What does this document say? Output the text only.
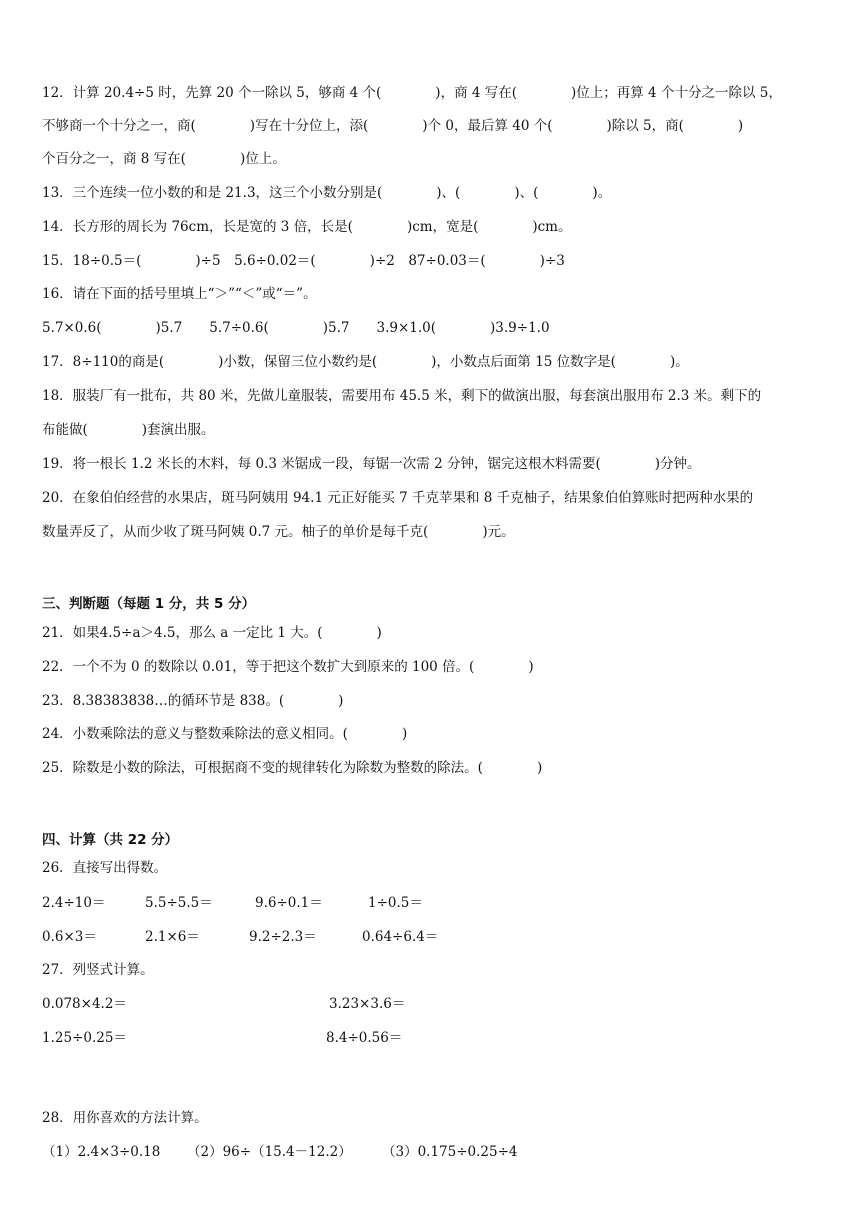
12．计算 20.4÷5 时，先算 20 个一除以 5，够商 4 个(　　　　)，商 4 写在(　　　　)位上；再算 4 个十分之一除以 5，
不够商一个十分之一，商(　　　　)写在十分位上，添(　　　　)个 0，最后算 40 个(　　　　)除以 5，商(　　　　)
个百分之一，商 8 写在(　　　　)位上。
13．三个连续一位小数的和是 21.3，这三个小数分别是(　　　　)、(　　　　)、(　　　　)。
14．长方形的周长为 76cm，长是宽的 3 倍，长是(　　　　)cm，宽是(　　　　)cm。
15．18÷0.5＝(　　　　)÷5　5.6÷0.02＝(　　　　)÷2　87÷0.03＝(　　　　)÷3
16．请在下面的括号里填上“＞”“＜”或“＝”。
5.7×0.6(　　　　)5.7　　5.7÷0.6(　　　　)5.7　　3.9×1.0(　　　　)3.9÷1.0
17．8÷110的商是(　　　　)小数，保留三位小数约是(　　　　)，小数点后面第 15 位数字是(　　　　)。
18．服装厂有一批布，共 80 米，先做儿童服装，需要用布 45.5 米，剩下的做演出服，每套演出服用布 2.3 米。剩下的
布能做(　　　　)套演出服。
19．将一根长 1.2 米长的木料，每 0.3 米锯成一段，每锯一次需 2 分钟，锯完这根木料需要(　　　　)分钟。
20．在象伯伯经营的水果店，斑马阿姨用 94.1 元正好能买 7 千克苹果和 8 千克柚子，结果象伯伯算账时把两种水果的
数量弄反了，从而少收了斑马阿姨 0.7 元。柚子的单价是每千克(　　　　)元。
三、判断题（每题 1 分，共 5 分）
21．如果4.5÷a＞4.5，那么 a 一定比 1 大。(　　　　)
22．一个不为 0 的数除以 0.01，等于把这个数扩大到原来的 100 倍。(　　　　)
23．8.38383838…的循环节是 838。(　　　　)
24．小数乘除法的意义与整数乘除法的意义相同。(　　　　)
25．除数是小数的除法，可根据商不变的规律转化为除数为整数的除法。(　　　　)
四、计算（共 22 分）
26．直接写出得数。
2.4÷10＝	5.5÷5.5＝	9.6÷0.1＝	1÷0.5＝
0.6×3＝	2.1×6＝	9.2÷2.3＝	0.64÷6.4＝
27．列竖式计算。
0.078×4.2＝	3.23×3.6＝
1.25÷0.25＝	8.4÷0.56＝
28．用你喜欢的方法计算。
（1）2.4×3÷0.18 （2）96÷（15.4－12.2） （3）0.175÷0.25÷4
